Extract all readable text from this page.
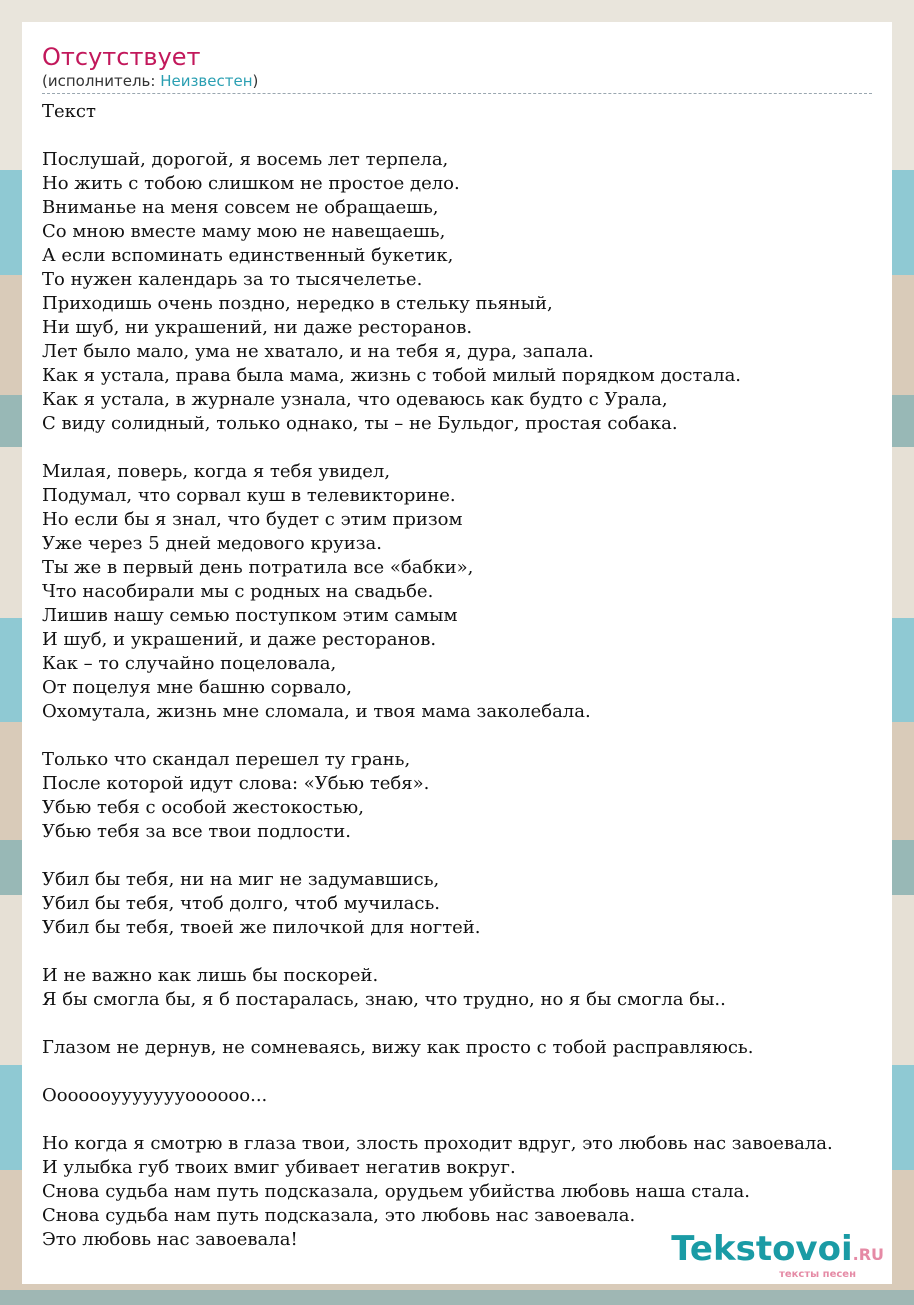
Отсутствует
(исполнитель: Неизвестен)
Текст
Послушай, дорогой, я восемь лет терпела,
Но жить с тобою слишком не простое дело.
Вниманье на меня совсем не обращаешь,
Со мною вместе маму мою не навещаешь,
А если вспоминать единственный букетик,
То нужен календарь за то тысячелетье.
Приходишь очень поздно, нередко в стельку пьяный,
Ни шуб, ни украшений, ни даже ресторанов.
Лет было мало, ума не хватало, и на тебя я, дура, запала.
Как я устала, права была мама, жизнь с тобой милый порядком достала.
Как я устала, в журнале узнала, что одеваюсь как будто с Урала,
С виду солидный, только однако, ты – не Бульдог, простая собака.
Милая, поверь, когда я тебя увидел,
Подумал, что сорвал куш в телевикторине.
Но если бы я знал, что будет с этим призом
Уже через 5 дней медового круиза.
Ты же в первый день потратила все «бабки»,
Что насобирали мы с родных на свадьбе.
Лишив нашу семью поступком этим самым
И шуб, и украшений, и даже ресторанов.
Как – то случайно поцеловала,
От поцелуя мне башню сорвало,
Охомутала, жизнь мне сломала, и твоя мама заколебала.
Только что скандал перешел ту грань,
После которой идут слова: «Убью тебя».
Убью тебя с особой жестокостью,
Убью тебя за все твои подлости.
Убил бы тебя, ни на миг не задумавшись,
Убил бы тебя, чтоб долго, чтоб мучилась.
Убил бы тебя, твоей же пилочкой для ногтей.
И не важно как лишь бы поскорей.
Я бы смогла бы, я б постаралась, знаю, что трудно, но я бы смогла бы..
Глазом не дернув, не сомневаясь, вижу как просто с тобой расправляюсь.
Ооооооуууууууоооооо...
Но когда я смотрю в глаза твои, злость проходит вдруг, это любовь нас завоевала.
И улыбка губ твоих вмиг убивает негатив вокруг.
Снова судьба нам путь подсказала, орудьем убийства любовь наша стала.
Снова судьба нам путь подсказала, это любовь нас завоевала.
Это любовь нас завоевала!	Tekstovoi.RU
тексты песен
